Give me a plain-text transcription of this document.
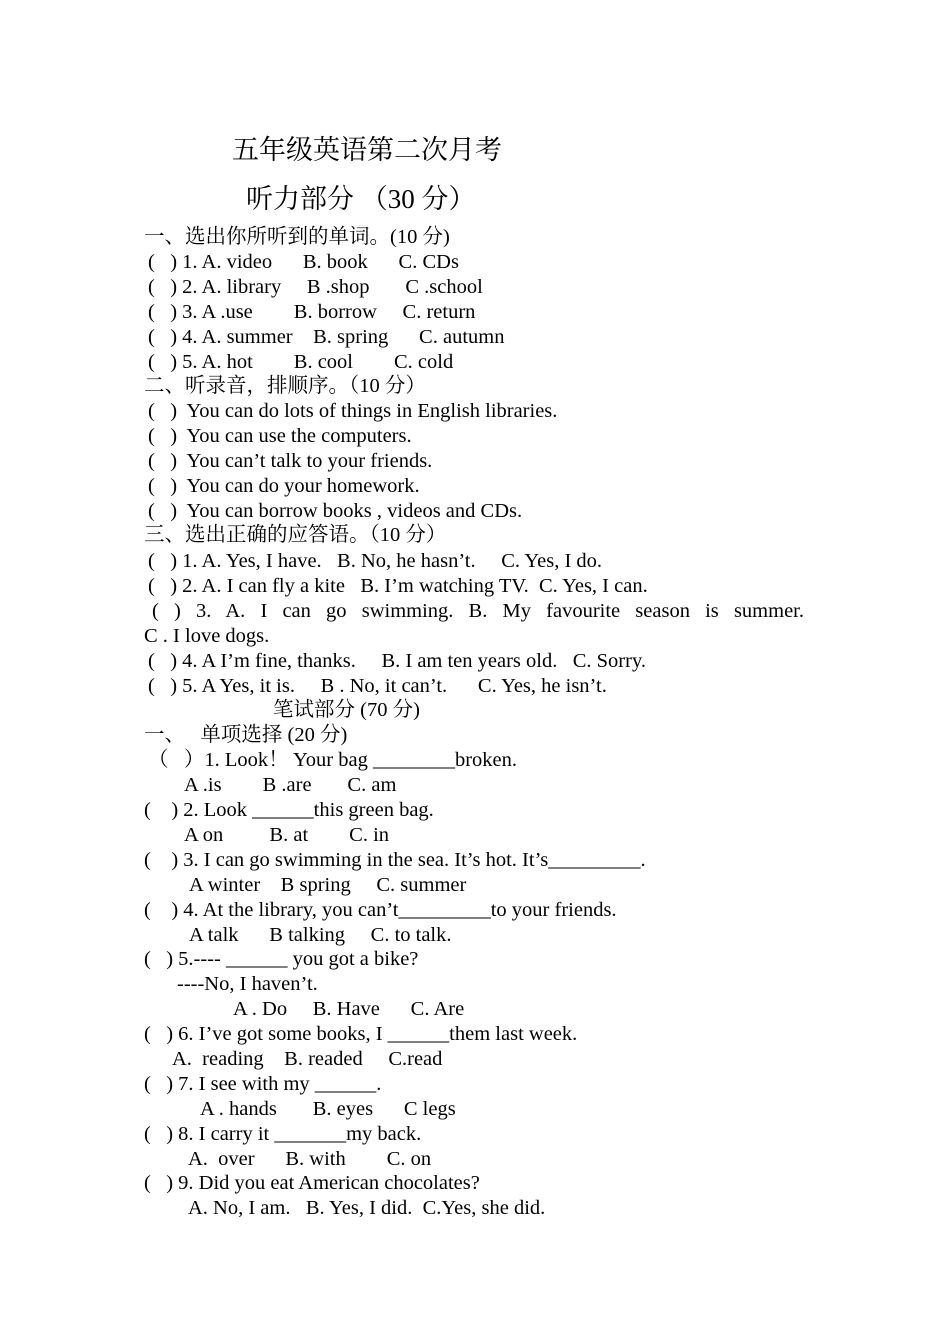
五年级英语第二次月考
听力部分 （30 分）
一、选出你所听到的单词。(10 分)
(   ) 1. A. video      B. book      C. CDs
(   ) 2. A. library     B .shop       C .school
(   ) 3. A .use        B. borrow     C. return
(   ) 4. A. summer    B. spring      C. autumn
(   ) 5. A. hot        B. cool        C. cold
二、听录音，排顺序。（10 分）
(   )  You can do lots of things in English libraries.
(   )  You can use the computers.
(   )  You can’t talk to your friends.
(   )  You can do your homework.
(   )  You can borrow books , videos and CDs.
三、选出正确的应答语。（10 分）
(   ) 1. A. Yes, I have.   B. No, he hasn’t.     C. Yes, I do.
(   ) 2. A. I can fly a kite   B. I’m watching TV.  C. Yes, I can.
( ) 3. A. I can go swimming. B. My favourite season is summer.
C . I love dogs.
(   ) 4. A I’m fine, thanks.     B. I am ten years old.   C. Sorry.
(   ) 5. A Yes, it is.     B . No, it can’t.      C. Yes, he isn’t.
笔试部分 (70 分)
一、   单项选择 (20 分)
（   ）1. Look！ Your bag ________broken.
A .is        B .are       C. am
(    ) 2. Look ______this green bag.
A on         B. at        C. in
(    ) 3. I can go swimming in the sea. It’s hot. It’s_________.
A winter    B spring     C. summer
(    ) 4. At the library, you can’t_________to your friends.
A talk      B talking     C. to talk.
(   ) 5.---- ______ you got a bike?
----No, I haven’t.
A . Do     B. Have      C. Are
(   ) 6. I’ve got some books, I ______them last week.
A.  reading    B. readed     C.read
(   ) 7. I see with my ______.
A . hands       B. eyes      C legs
(   ) 8. I carry it _______my back.
A.  over      B. with        C. on
(   ) 9. Did you eat American chocolates?
A. No, I am.   B. Yes, I did.  C.Yes, she did.
